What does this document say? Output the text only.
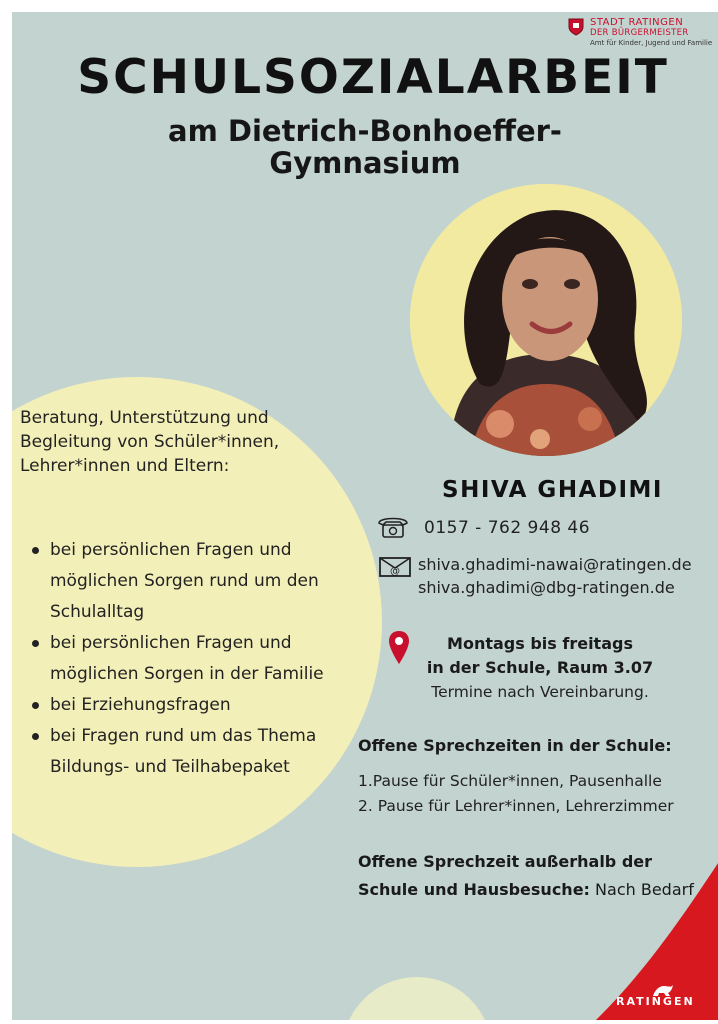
STADT RATINGEN
DER BÜRGERMEISTER
Amt für Kinder, Jugend und Familie
SCHULSOZIALARBEIT
am Dietrich-Bonhoeffer-
Gymnasium
Beratung, Unterstützung und Begleitung von Schüler*innen, Lehrer*innen und Eltern:
bei persönlichen Fragen und möglichen Sorgen rund um den Schulalltag
bei persönlichen Fragen und möglichen Sorgen in der Familie
bei Erziehungsfragen
bei Fragen rund um das Thema Bildungs- und Teilhabepaket
SHIVA GHADIMI
0157 - 762 948 46
@ shiva.ghadimi-nawai@ratingen.de
shiva.ghadimi@dbg-ratingen.de
Montags bis freitags
in der Schule, Raum 3.07
Termine nach Vereinbarung.
Offene Sprechzeiten in der Schule:
1.Pause für Schüler*innen, Pausenhalle
2. Pause für Lehrer*innen, Lehrerzimmer
Offene Sprechzeit außerhalb der
Schule und Hausbesuche: Nach Bedarf
RATINGEN
